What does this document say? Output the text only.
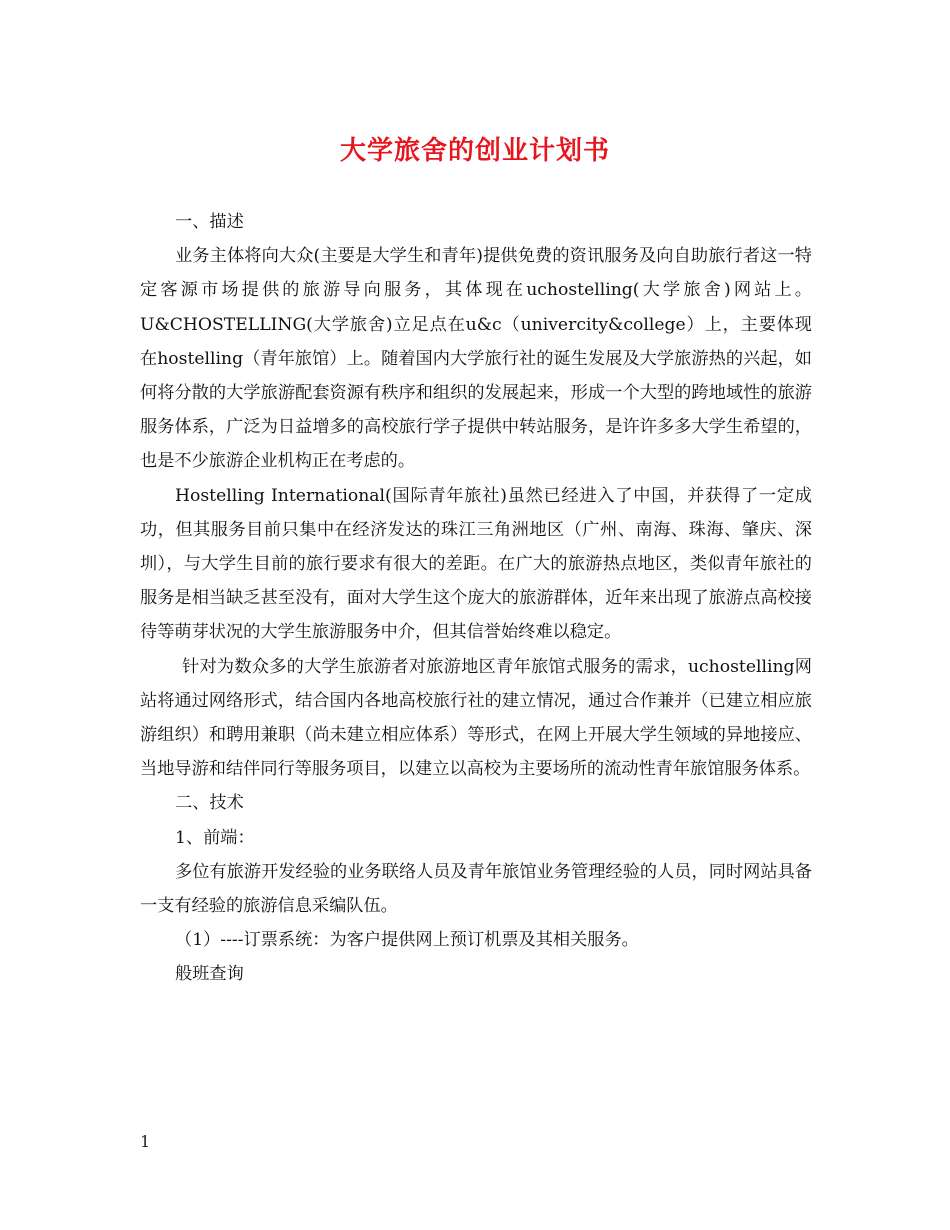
大学旅舍的创业计划书

一、描述

业务主体将向大众(主要是大学生和青年)提供免费的资讯服务及向自助旅行者这一特定客源市场提供的旅游导向服务，其体现在uchostelling(大学旅舍)网站上。U&CHOSTELLING(大学旅舍)立足点在u&c（univercity&college）上，主要体现在hostelling（青年旅馆）上。随着国内大学旅行社的诞生发展及大学旅游热的兴起，如何将分散的大学旅游配套资源有秩序和组织的发展起来，形成一个大型的跨地域性的旅游服务体系，广泛为日益增多的高校旅行学子提供中转站服务，是许许多多大学生希望的，也是不少旅游企业机构正在考虑的。

Hostelling International(国际青年旅社)虽然已经进入了中国，并获得了一定成功，但其服务目前只集中在经济发达的珠江三角洲地区（广州、南海、珠海、肇庆、深圳），与大学生目前的旅行要求有很大的差距。在广大的旅游热点地区，类似青年旅社的服务是相当缺乏甚至没有，面对大学生这个庞大的旅游群体，近年来出现了旅游点高校接待等萌芽状况的大学生旅游服务中介，但其信誉始终难以稳定。

针对为数众多的大学生旅游者对旅游地区青年旅馆式服务的需求，uchostelling网站将通过网络形式，结合国内各地高校旅行社的建立情况，通过合作兼并（已建立相应旅游组织）和聘用兼职（尚未建立相应体系）等形式，在网上开展大学生领域的异地接应、当地导游和结伴同行等服务项目，以建立以高校为主要场所的流动性青年旅馆服务体系。

二、技术

1、前端：

多位有旅游开发经验的业务联络人员及青年旅馆业务管理经验的人员，同时网站具备一支有经验的旅游信息采编队伍。

（1）----订票系统：为客户提供网上预订机票及其相关服务。

般班查询

1
